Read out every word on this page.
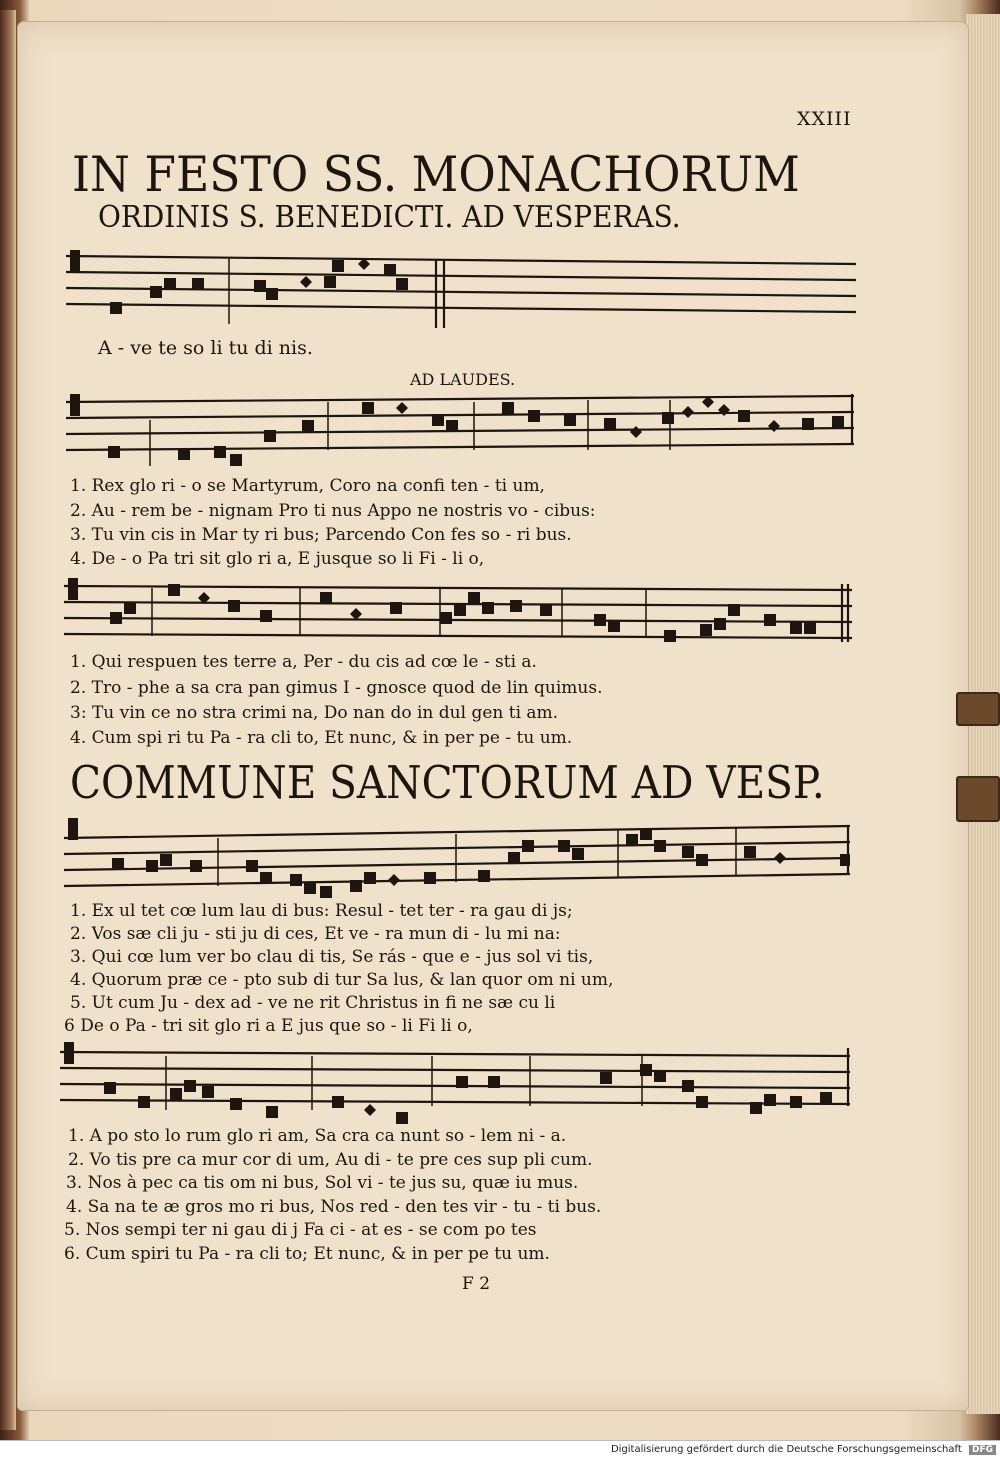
XXIII
IN FESTO SS. MONACHORUM
ORDINIS S. BENEDICTI. AD VESPERAS.
A - ve te so li tu di nis.
AD LAUDES.
1. Rex glo ri - o se Martyrum, Coro na confi ten - ti um,
2. Au - rem be - nignam Pro ti nus Appo ne nostris vo - cibus:
3. Tu vin cis in Mar ty ri bus; Parcendo Con fes so - ri bus.
4. De - o Pa tri sit glo ri a, E jusque so li Fi - li o,
1. Qui respuen tes terre a, Per - du cis ad cœ le - sti a.
2. Tro - phe a sa cra pan gimus I - gnosce quod de lin quimus.
3: Tu vin ce no stra crimi na, Do nan do in dul gen ti am.
4. Cum spi ri tu Pa - ra cli to, Et nunc, & in per pe - tu um.
COMMUNE SANCTORUM AD VESP.
1. Ex ul tet cœ lum lau di bus: Resul - tet ter - ra gau di js;
2. Vos sæ cli ju - sti ju di ces, Et ve - ra mun di - lu mi na:
3. Qui cœ lum ver bo clau di tis, Se rás - que e - jus sol vi tis,
4. Quorum præ ce - pto sub di tur Sa lus, & lan quor om ni um,
5. Ut cum Ju - dex ad - ve ne rit Christus in fi ne sæ cu li
6 De o Pa - tri sit glo ri a E jus que so - li Fi li o,
1. A po sto lo rum glo ri am, Sa cra ca nunt so - lem ni - a.
2. Vo tis pre ca mur cor di um, Au di - te pre ces sup pli cum.
3. Nos à pec ca tis om ni bus, Sol vi - te jus su, quæ iu mus.
4. Sa na te æ gros mo ri bus, Nos red - den tes vir - tu - ti bus.
5. Nos sempi ter ni gau di j Fa ci - at es - se com po tes
6. Cum spiri tu Pa - ra cli to; Et nunc, & in per pe tu um.
F 2
Digitalisierung gefördert durch die Deutsche Forschungsgemeinschaft DFG
